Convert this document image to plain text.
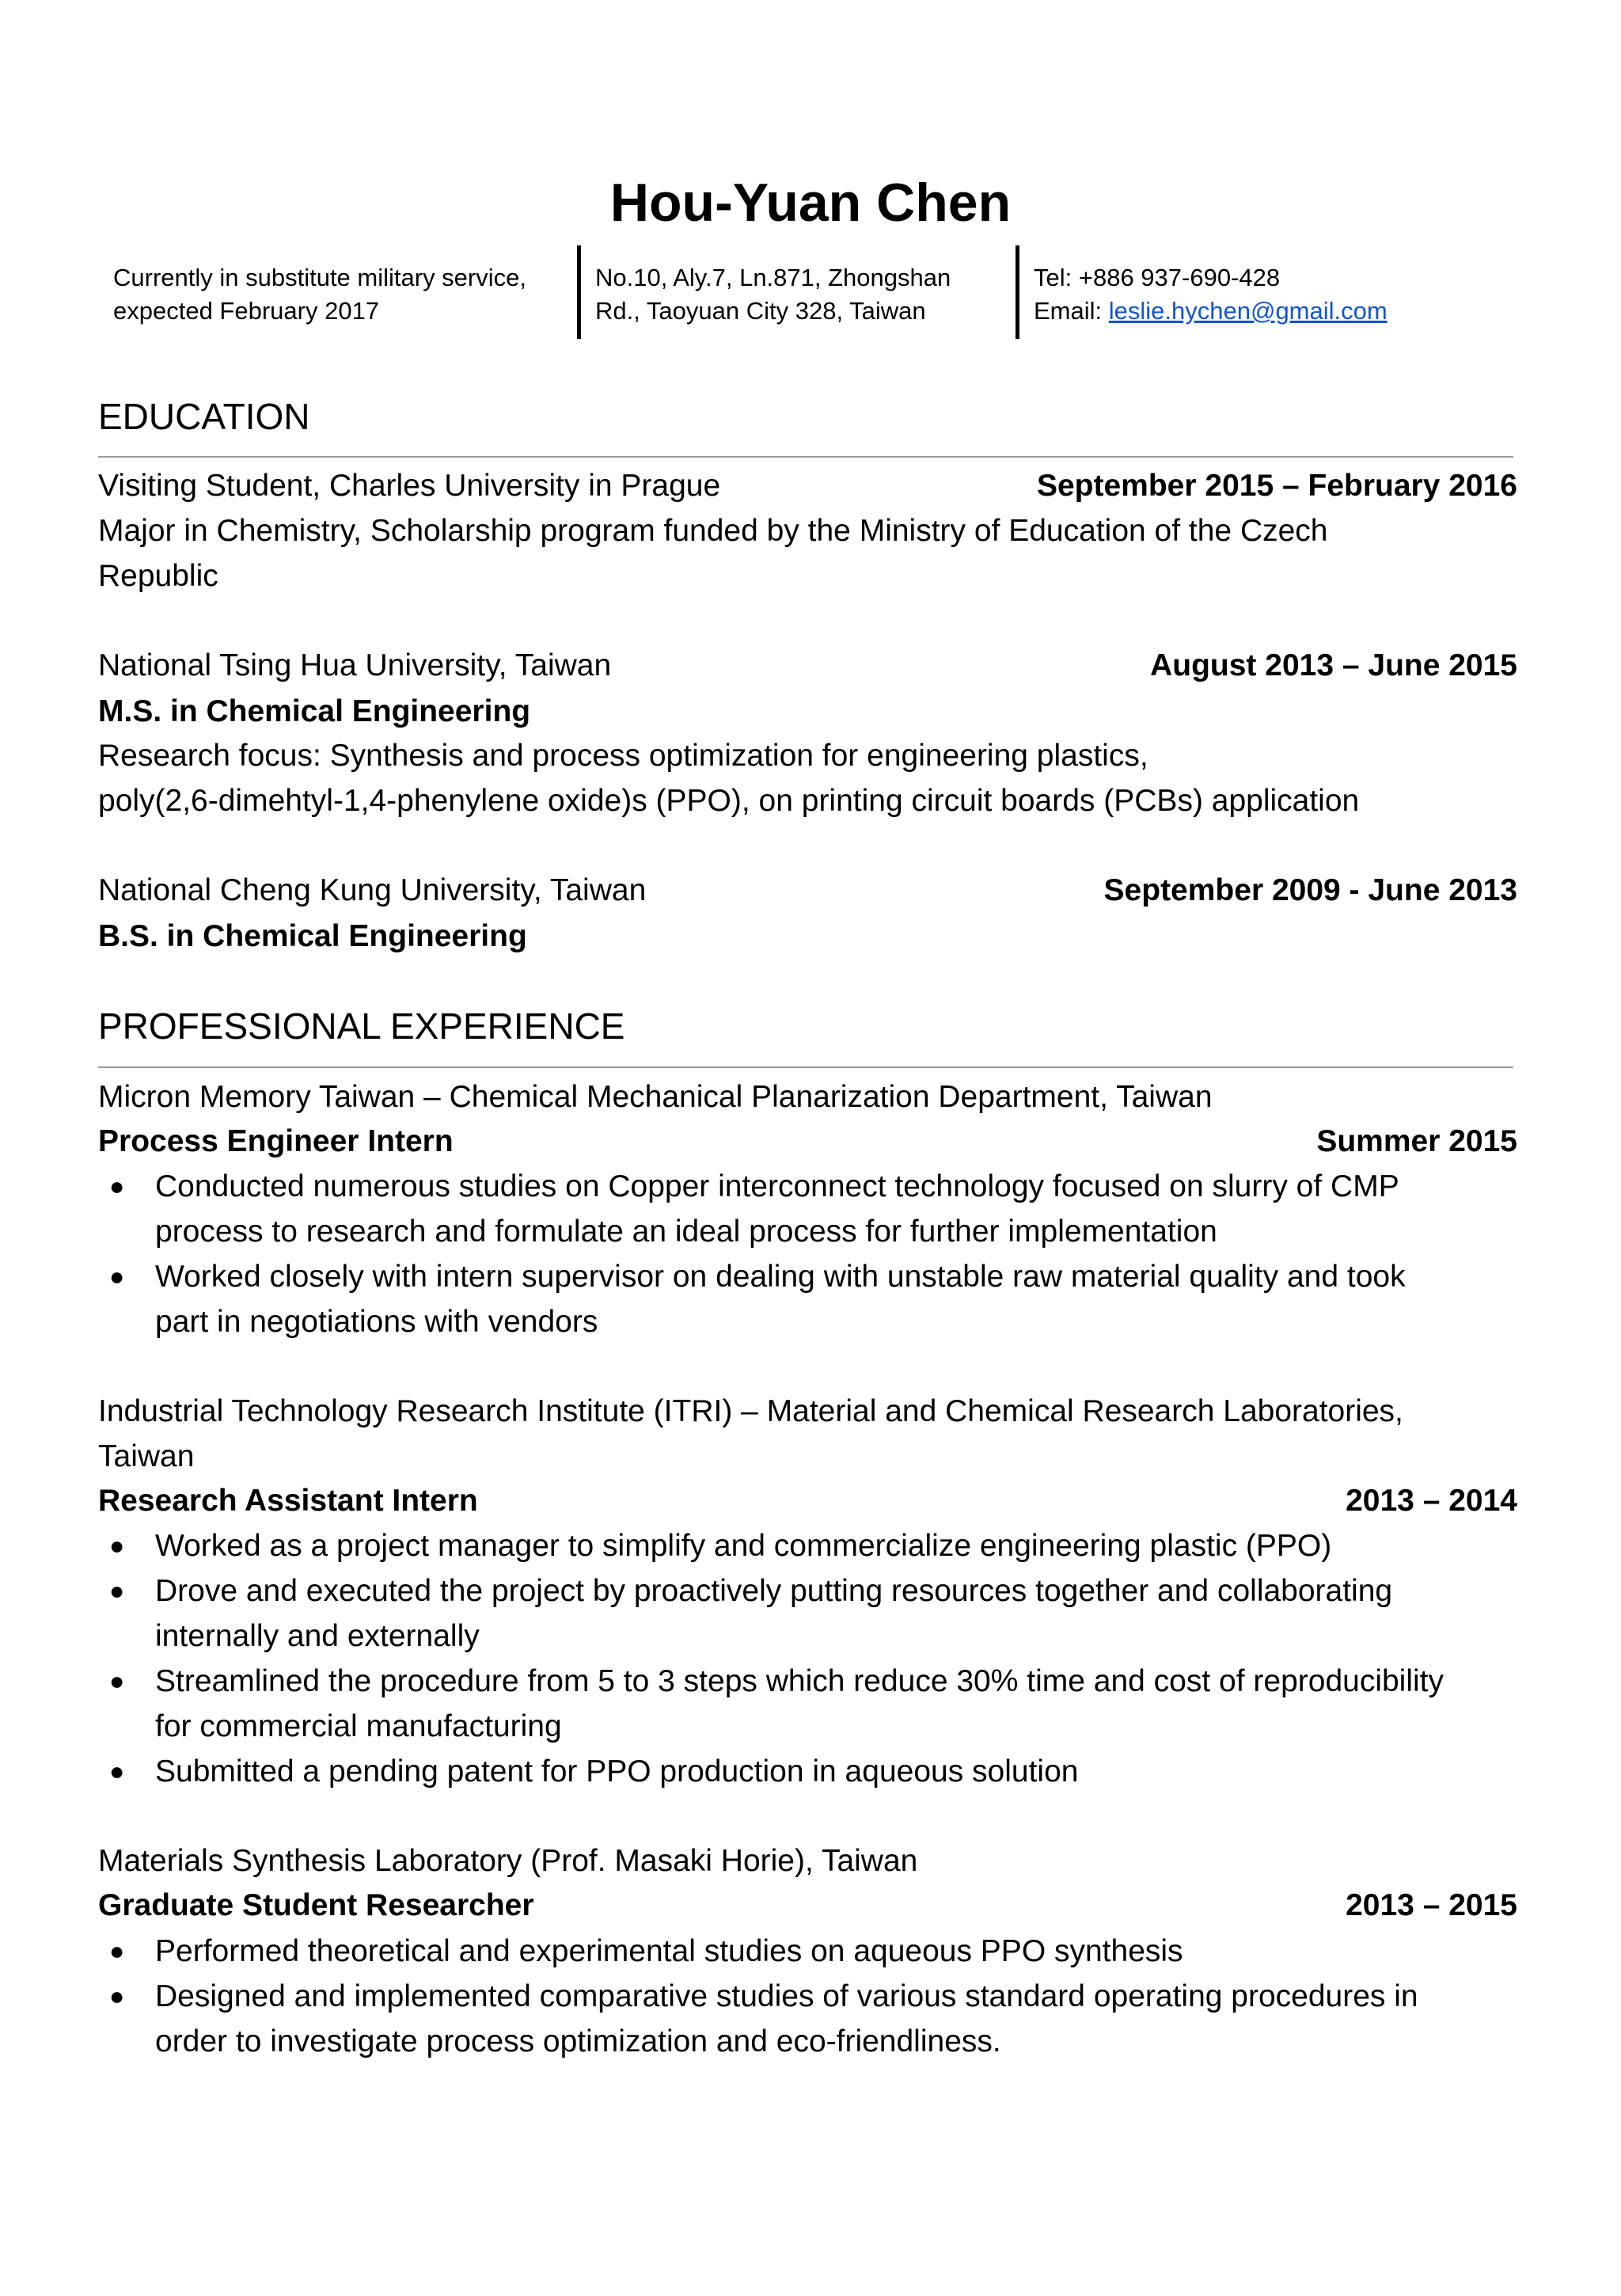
Hou-Yuan Chen
Currently in substitute military service,
expected February 2017
No.10, Aly.7, Ln.871, Zhongshan
Rd., Taoyuan City 328, Taiwan
Tel: +886 937-690-428
Email: leslie.hychen@gmail.com
EDUCATION
Visiting Student, Charles University in Prague	September 2015 – February 2016
Major in Chemistry, Scholarship program funded by the Ministry of Education of the Czech
Republic
National Tsing Hua University, Taiwan	August 2013 – June 2015
M.S. in Chemical Engineering
Research focus: Synthesis and process optimization for engineering plastics,
poly(2,6-dimehtyl-1,4-phenylene oxide)s (PPO), on printing circuit boards (PCBs) application
National Cheng Kung University, Taiwan	September 2009 - June 2013
B.S. in Chemical Engineering
PROFESSIONAL EXPERIENCE
Micron Memory Taiwan – Chemical Mechanical Planarization Department, Taiwan
Process Engineer Intern	Summer 2015
● Conducted numerous studies on Copper interconnect technology focused on slurry of CMP
process to research and formulate an ideal process for further implementation
● Worked closely with intern supervisor on dealing with unstable raw material quality and took
part in negotiations with vendors
Industrial Technology Research Institute (ITRI) – Material and Chemical Research Laboratories,
Taiwan
Research Assistant Intern	2013 – 2014
● Worked as a project manager to simplify and commercialize engineering plastic (PPO)
● Drove and executed the project by proactively putting resources together and collaborating
internally and externally
● Streamlined the procedure from 5 to 3 steps which reduce 30% time and cost of reproducibility
for commercial manufacturing
● Submitted a pending patent for PPO production in aqueous solution
Materials Synthesis Laboratory (Prof. Masaki Horie), Taiwan
Graduate Student Researcher	2013 – 2015
● Performed theoretical and experimental studies on aqueous PPO synthesis
● Designed and implemented comparative studies of various standard operating procedures in
order to investigate process optimization and eco-friendliness.
